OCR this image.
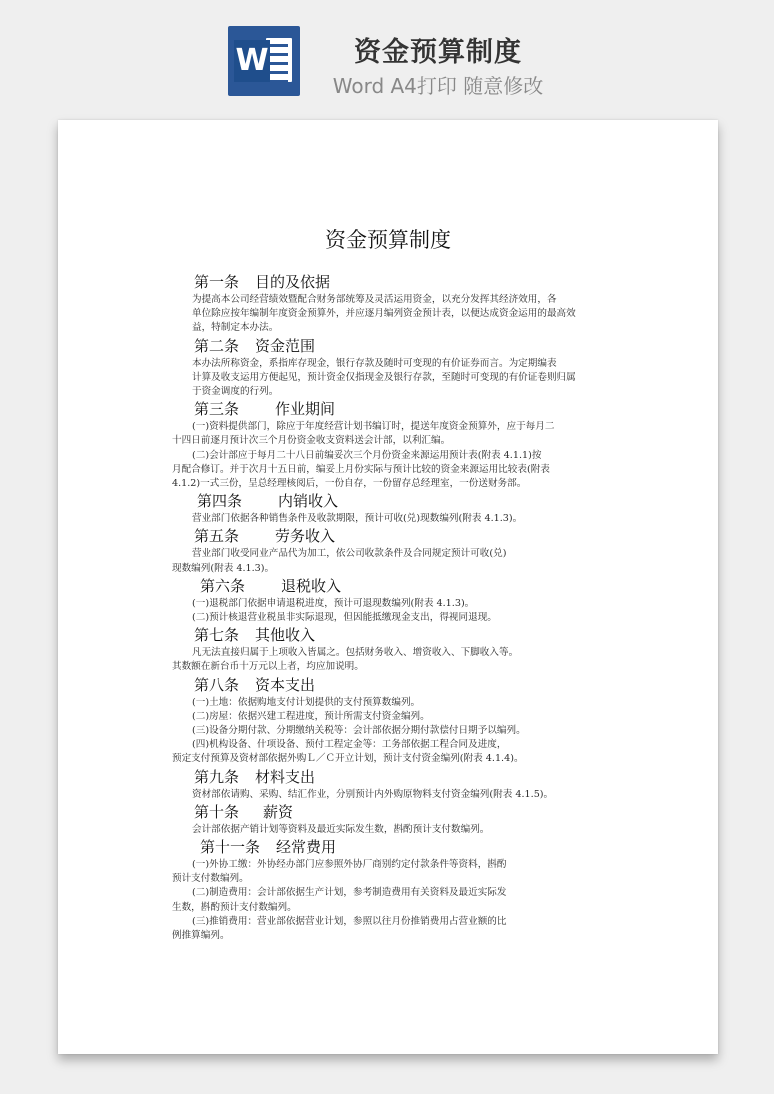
W	资金预算制度
Word A4打印 随意修改
资金预算制度
第一条 目的及依据

为提高本公司经营绩效暨配合财务部统筹及灵活运用资金，以充分发挥其经济效用，各

单位除应按年编制年度资金预算外，并应逐月编列资金预计表，以便达成资金运用的最高效

益，特制定本办法。

第二条 资金范围

本办法所称资金，系指库存现金，银行存款及随时可变现的有价证券而言。为定期编表

计算及收支运用方便起见，预计资金仅指现金及银行存款，至随时可变现的有价证卷则归属

于资金调度的行列。

第三条 作业期间

(一)资料提供部门，除应于年度经营计划书编订时，提送年度资金预算外，应于每月二

十四日前逐月预计次三个月份资金收支资料送会计部，以利汇编。

(二)会计部应于每月二十八日前编妥次三个月份资金来源运用预计表(附表 4.1.1)按

月配合修订。并于次月十五日前，编妥上月份实际与预计比较的资金来源运用比较表(附表

4.1.2)一式三份，呈总经理核阅后，一份自存，一份留存总经理室，一份送财务部。

第四条 内销收入

营业部门依据各种销售条件及收款期限，预计可收(兑)现数编列(附表 4.1.3)。

第五条 劳务收入

营业部门收受同业产品代为加工，依公司收款条件及合同规定预计可收(兑)

现数编列(附表 4.1.3)。

第六条 退税收入

(一)退税部门依据申请退税进度，预计可退现数编列(附表 4.1.3)。

(二)预计核退营业税虽非实际退现，但因能抵缴现金支出，得视同退现。

第七条 其他收入

凡无法直接归属于上项收入皆属之。包括财务收入、增资收入、下脚收入等。

其数额在新台币十万元以上者，均应加说明。

第八条 资本支出

(一)土地：依据购地支付计划提供的支付预算数编列。

(二)房屋：依据兴建工程进度，预计所需支付资金编列。

(三)设备分期付款、分期缴纳关税等：会计部依据分期付款偿付日期予以编列。

(四)机构设备、什项设备、预付工程定金等：工务部依据工程合同及进度，

预定支付预算及资材部依据外购Ｌ／Ｃ开立计划，预计支付资金编列(附表 4.1.4)。

第九条 材料支出

资材部依请购、采购、结汇作业，分别预计内外购原物料支付资金编列(附表 4.1.5)。

第十条 薪资

会计部依据产销计划等资料及最近实际发生数，斟酌预计支付数编列。

第十一条 经常费用

(一)外协工缴：外协经办部门应参照外协厂商别约定付款条件等资料，斟酌

预计支付数编列。

(二)制造费用：会计部依据生产计划，参考制造费用有关资料及最近实际发

生数，斟酌预计支付数编列。

(三)推销费用：营业部依据营业计划，参照以往月份推销费用占营业额的比

例推算编列。
